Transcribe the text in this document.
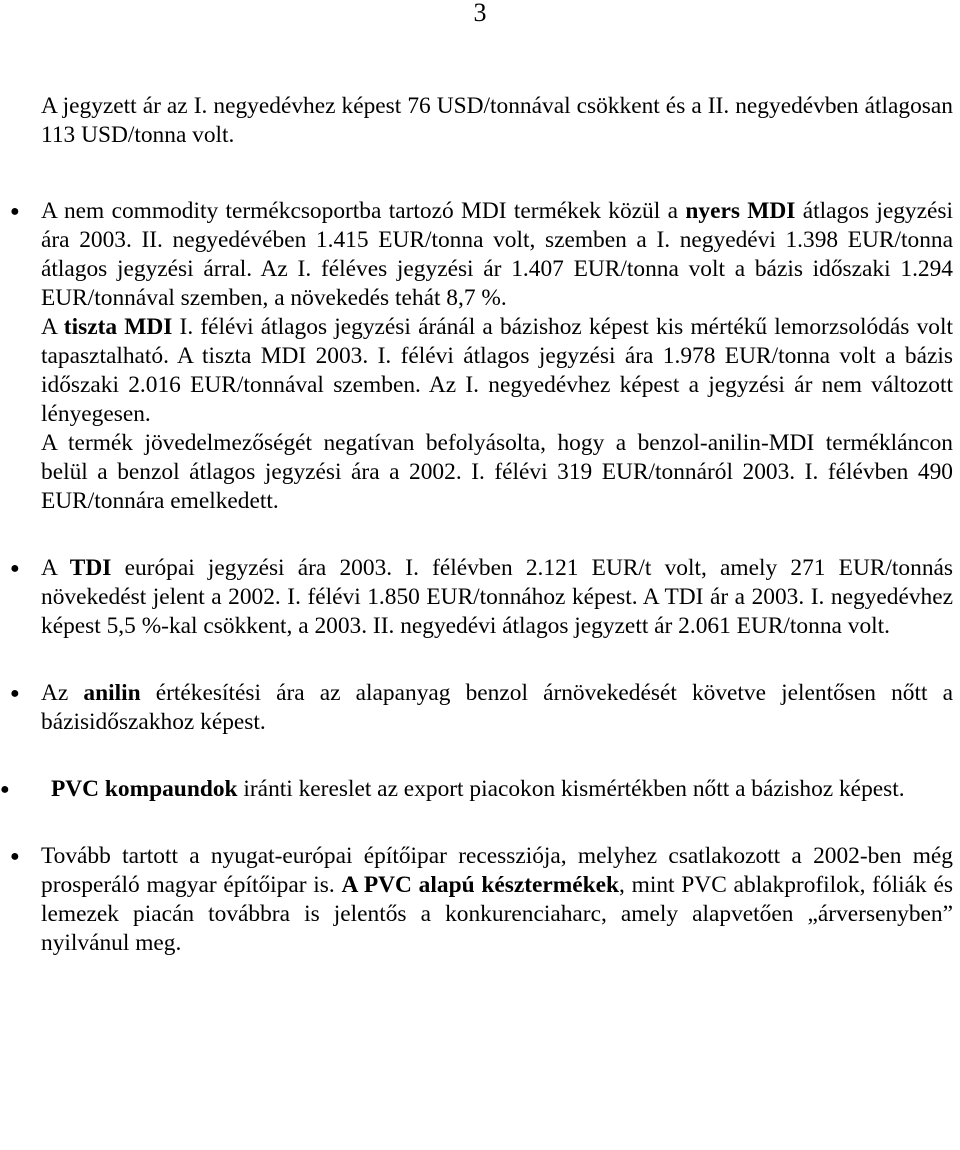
3

A jegyzett ár az I. negyedévhez képest 76 USD/tonnával csökkent és a II. negyedévben átlagosan 113 USD/tonna volt.

● A nem commodity termékcsoportba tartozó MDI termékek közül a nyers MDI átlagos jegyzési ára 2003. II. negyedévében 1.415 EUR/tonna volt, szemben a I. negyedévi 1.398 EUR/tonna átlagos jegyzési árral. Az I. féléves jegyzési ár 1.407 EUR/tonna volt a bázis időszaki 1.294 EUR/tonnával szemben, a növekedés tehát 8,7 %.

A tiszta MDI I. félévi átlagos jegyzési áránál a bázishoz képest kis mértékű lemorzsolódás volt tapasztalható. A tiszta MDI 2003. I. félévi átlagos jegyzési ára 1.978 EUR/tonna volt a bázis időszaki 2.016 EUR/tonnával szemben. Az I. negyedévhez képest a jegyzési ár nem változott lényegesen.

A termék jövedelmezőségét negatívan befolyásolta, hogy a benzol-anilin-MDI termékláncon belül a benzol átlagos jegyzési ára a 2002. I. félévi 319 EUR/tonnáról 2003. I. félévben 490 EUR/tonnára emelkedett.

● A TDI európai jegyzési ára 2003. I. félévben 2.121 EUR/t volt, amely 271 EUR/tonnás növekedést jelent a 2002. I. félévi 1.850 EUR/tonnához képest. A TDI ár a 2003. I. negyedévhez képest 5,5 %-kal csökkent, a 2003. II. negyedévi átlagos jegyzett ár 2.061 EUR/tonna volt.

● Az anilin értékesítési ára az alapanyag benzol árnövekedését követve jelentősen nőtt a bázisidőszakhoz képest.

● PVC kompaundok iránti kereslet az export piacokon kismértékben nőtt a bázishoz képest.

● Tovább tartott a nyugat-európai építőipar recessziója, melyhez csatlakozott a 2002-ben még prosperáló magyar építőipar is. A PVC alapú késztermékek, mint PVC ablakprofilok, fóliák és lemezek piacán továbbra is jelentős a konkurenciaharc, amely alapvetően „árversenyben” nyilvánul meg.
